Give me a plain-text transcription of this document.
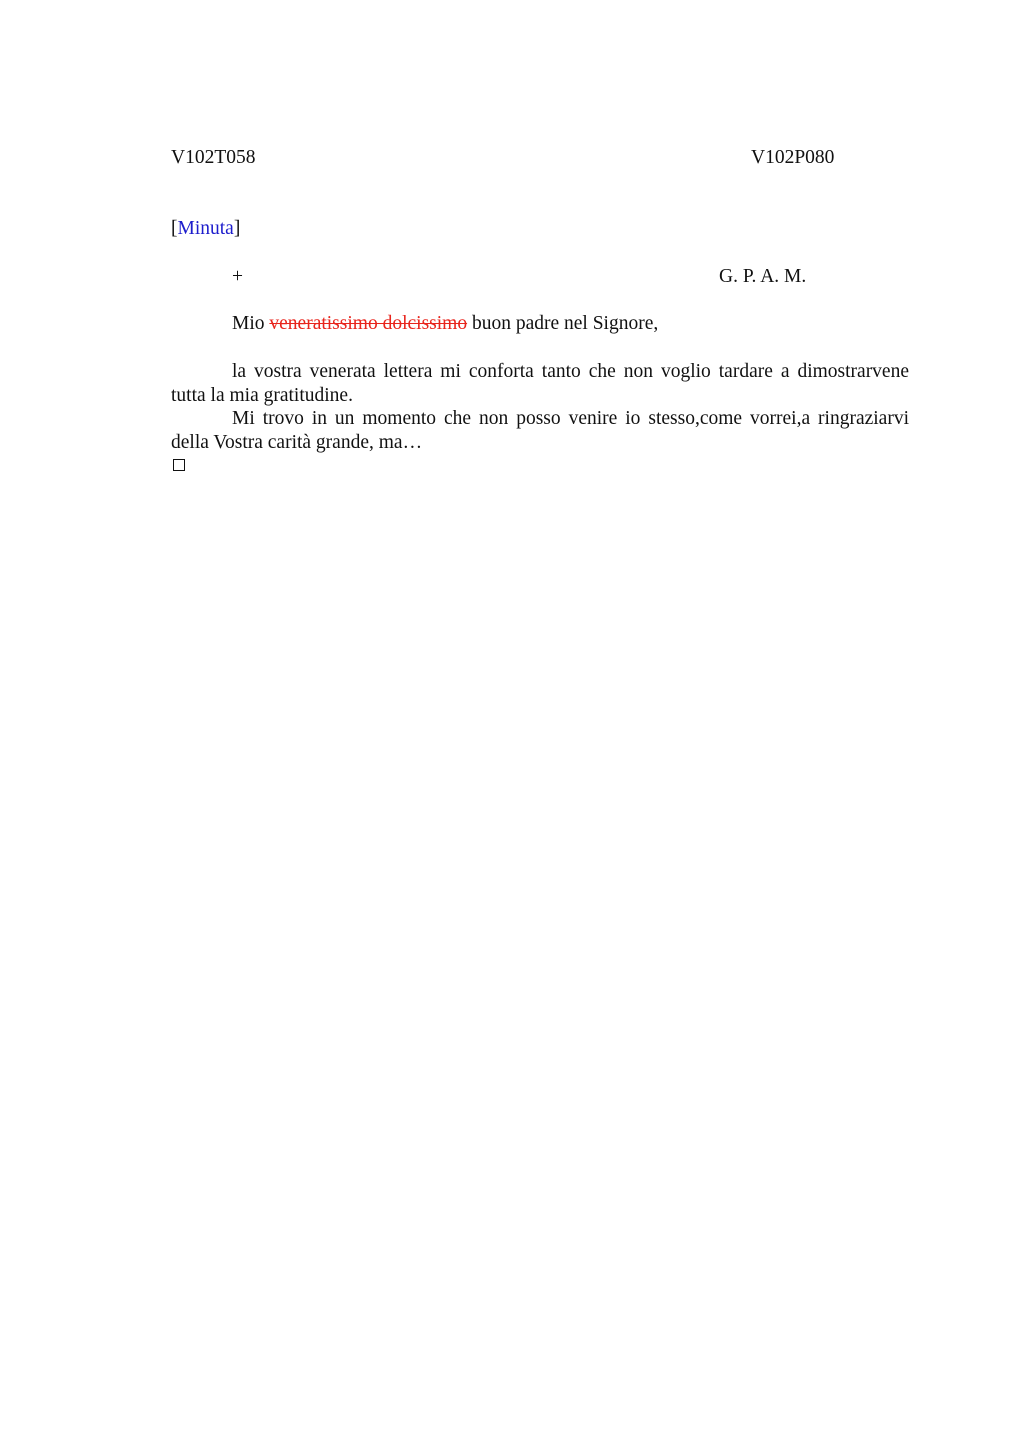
V102T058	V102P080
[Minuta]
+	G. P. A. M.
Mio veneratissimo dolcissimo buon padre nel Signore,

la vostra venerata lettera mi conforta tanto che non voglio tardare a dimostrarvene tutta la mia gratitudine.

Mi trovo in un momento che non posso venire io stesso,come vorrei,a ringraziarvi della Vostra carità grande, ma…
